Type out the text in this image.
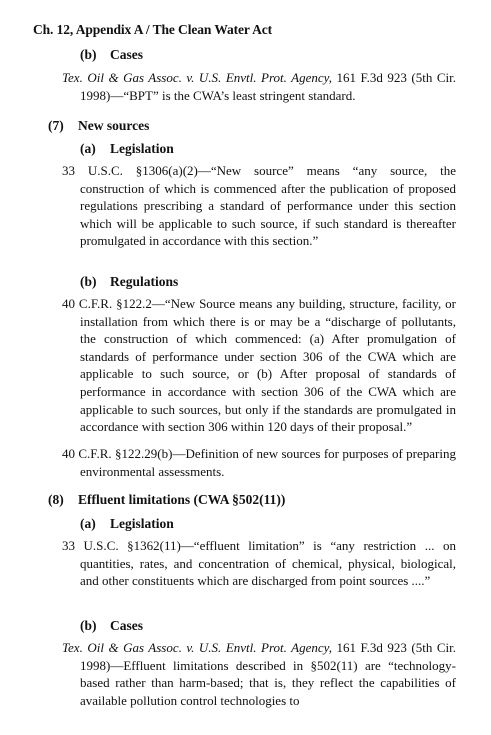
Ch. 12, Appendix A / The Clean Water Act
(b) Cases
Tex. Oil & Gas Assoc. v. U.S. Envtl. Prot. Agency, 161 F.3d 923 (5th Cir. 1998)—“BPT” is the CWA’s least stringent standard.
(7) New sources
(a) Legislation
33 U.S.C. §1306(a)(2)—“New source” means “any source, the construction of which is commenced after the publication of proposed regulations prescribing a standard of performance under this section which will be applicable to such source, if such standard is thereafter promulgated in accordance with this section.”
(b) Regulations
40 C.F.R. §122.2—“New Source means any building, structure, facility, or installation from which there is or may be a “discharge of pollutants, the construction of which commenced: (a) After promulgation of standards of performance under section 306 of the CWA which are applicable to such source, or (b) After proposal of standards of performance in accordance with section 306 of the CWA which are applicable to such sources, but only if the standards are promulgated in accordance with section 306 within 120 days of their proposal.”
40 C.F.R. §122.29(b)—Definition of new sources for purposes of preparing environmental assessments.
(8) Effluent limitations (CWA §502(11))
(a) Legislation
33 U.S.C. §1362(11)—“effluent limitation” is “any restriction ... on quantities, rates, and concentration of chemical, physical, biological, and other constituents which are discharged from point sources ....”
(b) Cases
Tex. Oil & Gas Assoc. v. U.S. Envtl. Prot. Agency, 161 F.3d 923 (5th Cir. 1998)—Effluent limitations described in §502(11) are “technology-based rather than harm-based; that is, they reflect the capabilities of available pollution control technologies to
